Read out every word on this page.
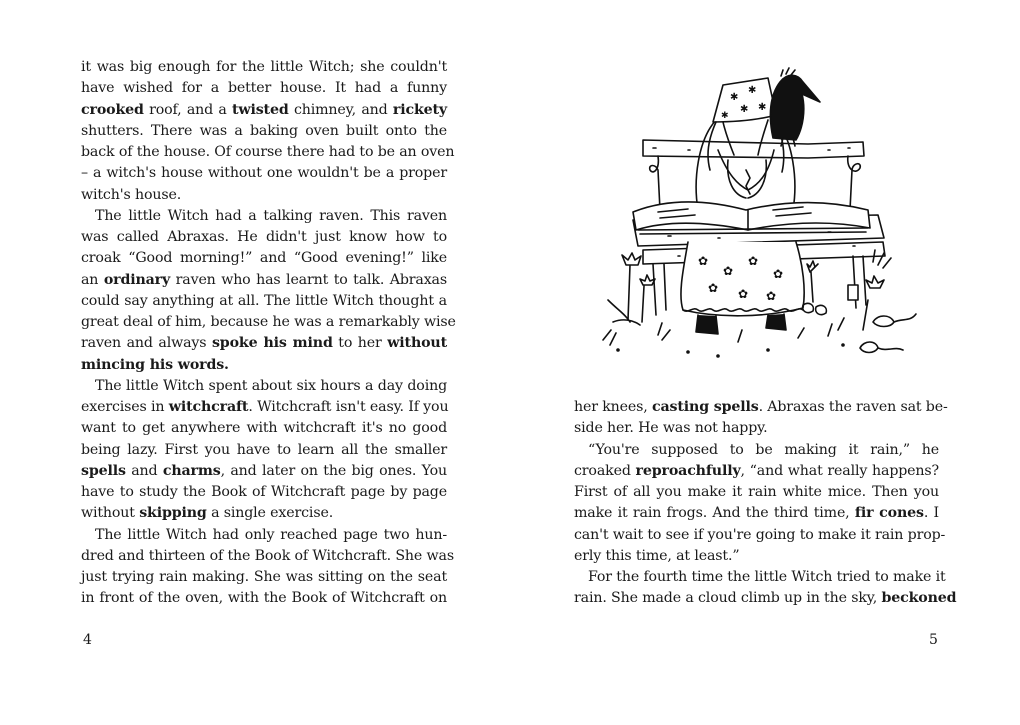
it was big enough for the little Witch; she couldn't
have wished for a better house. It had a funny
crooked roof, and a twisted chimney, and rickety
shutters. There was a baking oven built onto the
back of the house. Of course there had to be an oven
– a witch's house without one wouldn't be a proper
witch's house.
The little Witch had a talking raven. This raven
was called Abraxas. He didn't just know how to
croak “Good morning!” and “Good evening!” like
an ordinary raven who has learnt to talk. Abraxas
could say anything at all. The little Witch thought a
great deal of him, because he was a remarkably wise
raven and always spoke his mind to her without
mincing his words.
The little Witch spent about six hours a day doing
exercises in witchcraft. Witchcraft isn't easy. If you
want to get anywhere with witchcraft it's no good
being lazy. First you have to learn all the smaller
spells and charms, and later on the big ones. You
have to study the Book of Witchcraft page by page
without skipping a single exercise.
The little Witch had only reached page two hun-
dred and thirteen of the Book of Witchcraft. She was
just trying rain making. She was sitting on the seat
in front of the oven, with the Book of Witchcraft on
4
✱
✱
✱ ✱
✱
✿
✿
✿
✿
✿ ✿ ✿
her knees, casting spells. Abraxas the raven sat be-
side her. He was not happy.
“You're supposed to be making it rain,” he
croaked reproachfully, “and what really happens?
First of all you make it rain white mice. Then you
make it rain frogs. And the third time, fir cones. I
can't wait to see if you're going to make it rain prop-
erly this time, at least.”
For the fourth time the little Witch tried to make it
rain. She made a cloud climb up in the sky, beckoned
5
